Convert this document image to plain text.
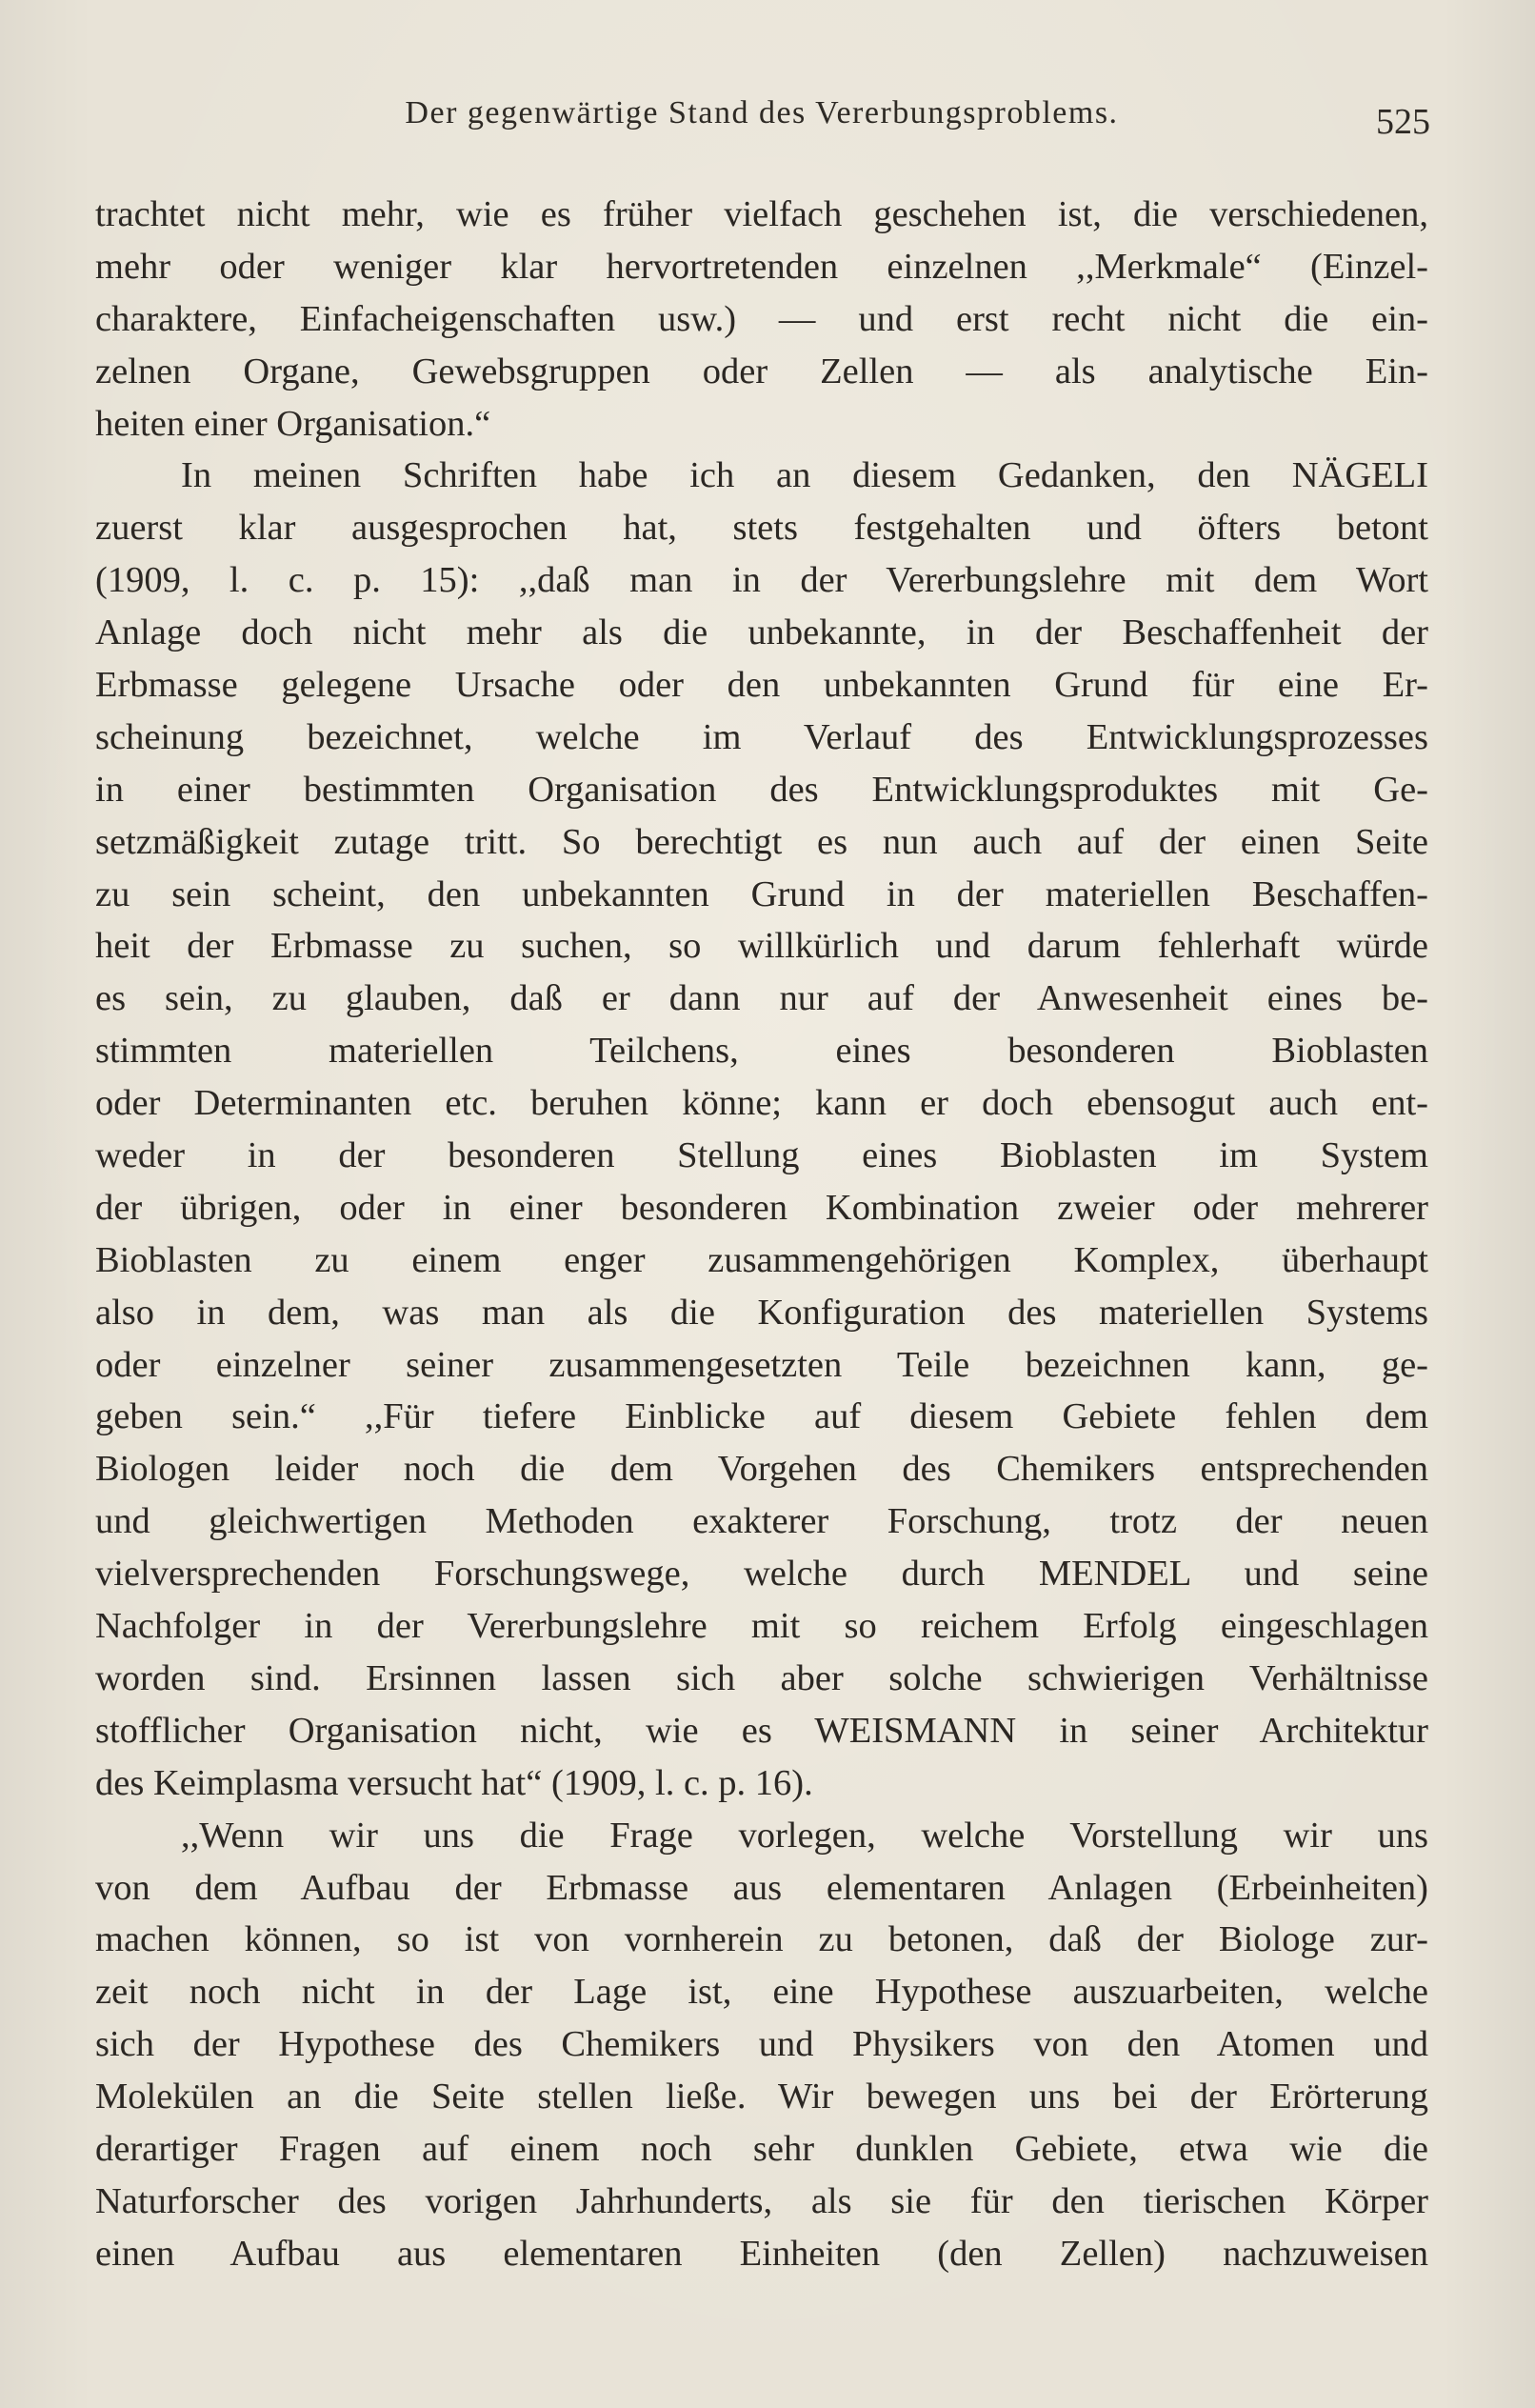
Der gegenwärtige Stand des Vererbungsproblems.	525
trachtet nicht mehr, wie es früher vielfach geschehen ist, die verschiedenen,
mehr oder weniger klar hervortretenden einzelnen ,,Merkmale“ (Einzel-
charaktere, Einfacheigenschaften usw.) — und erst recht nicht die ein-
zelnen Organe, Gewebsgruppen oder Zellen — als analytische Ein-
heiten einer Organisation.“
In meinen Schriften habe ich an diesem Gedanken, den NÄGELI
zuerst klar ausgesprochen hat, stets festgehalten und öfters betont
(1909, l. c. p. 15): ,,daß man in der Vererbungslehre mit dem Wort
Anlage doch nicht mehr als die unbekannte, in der Beschaffenheit der
Erbmasse gelegene Ursache oder den unbekannten Grund für eine Er-
scheinung bezeichnet, welche im Verlauf des Entwicklungsprozesses
in einer bestimmten Organisation des Entwicklungsproduktes mit Ge-
setzmäßigkeit zutage tritt. So berechtigt es nun auch auf der einen Seite
zu sein scheint, den unbekannten Grund in der materiellen Beschaffen-
heit der Erbmasse zu suchen, so willkürlich und darum fehlerhaft würde
es sein, zu glauben, daß er dann nur auf der Anwesenheit eines be-
stimmten materiellen Teilchens, eines besonderen Bioblasten
oder Determinanten etc. beruhen könne; kann er doch ebensogut auch ent-
weder in der besonderen Stellung eines Bioblasten im System
der übrigen, oder in einer besonderen Kombination zweier oder mehrerer
Bioblasten zu einem enger zusammengehörigen Komplex, überhaupt
also in dem, was man als die Konfiguration des materiellen Systems
oder einzelner seiner zusammengesetzten Teile bezeichnen kann, ge-
geben sein.“ ,,Für tiefere Einblicke auf diesem Gebiete fehlen dem
Biologen leider noch die dem Vorgehen des Chemikers entsprechenden
und gleichwertigen Methoden exakterer Forschung, trotz der neuen
vielversprechenden Forschungswege, welche durch MENDEL und seine
Nachfolger in der Vererbungslehre mit so reichem Erfolg eingeschlagen
worden sind. Ersinnen lassen sich aber solche schwierigen Verhältnisse
stofflicher Organisation nicht, wie es WEISMANN in seiner Architektur
des Keimplasma versucht hat“ (1909, l. c. p. 16).
,,Wenn wir uns die Frage vorlegen, welche Vorstellung wir uns
von dem Aufbau der Erbmasse aus elementaren Anlagen (Erbeinheiten)
machen können, so ist von vornherein zu betonen, daß der Biologe zur-
zeit noch nicht in der Lage ist, eine Hypothese auszuarbeiten, welche
sich der Hypothese des Chemikers und Physikers von den Atomen und
Molekülen an die Seite stellen ließe. Wir bewegen uns bei der Erörterung
derartiger Fragen auf einem noch sehr dunklen Gebiete, etwa wie die
Naturforscher des vorigen Jahrhunderts, als sie für den tierischen Körper
einen Aufbau aus elementaren Einheiten (den Zellen) nachzuweisen
